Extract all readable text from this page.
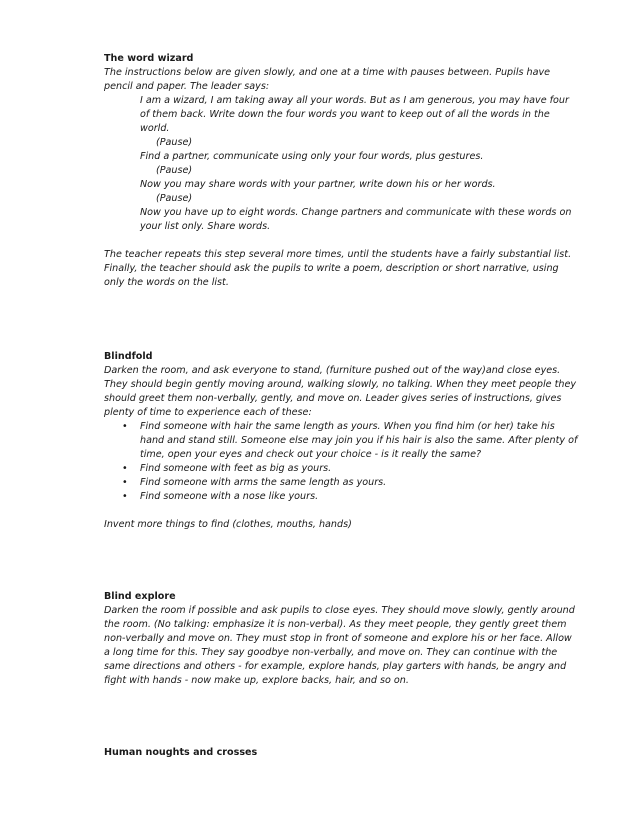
The word wizard

The instructions below are given slowly, and one at a time with pauses between. Pupils have pencil and paper. The leader says:

I am a wizard, I am taking away all your words. But as I am generous, you may have four of them back. Write down the four words you want to keep out of all the words in the world.

(Pause)

Find a partner, communicate using only your four words, plus gestures.

(Pause)

Now you may share words with your partner, write down his or her words.

(Pause)

Now you have up to eight words. Change partners and communicate with these words on your list only. Share words.

The teacher repeats this step several more times, until the students have a fairly substantial list. Finally, the teacher should ask the pupils to write a poem, description or short narrative, using only the words on the list.

Blindfold

Darken the room, and ask everyone to stand, (furniture pushed out of the way)and close eyes. They should begin gently moving around, walking slowly, no talking. When they meet people they should greet them non-verbally, gently, and move on. Leader gives series of instructions, gives plenty of time to experience each of these:

• Find someone with hair the same length as yours. When you find him (or her) take his hand and stand still. Someone else may join you if his hair is also the same. After plenty of time, open your eyes and check out your choice - is it really the same?
• Find someone with feet as big as yours.
• Find someone with arms the same length as yours.
• Find someone with a nose like yours.

Invent more things to find (clothes, mouths, hands)

Blind explore

Darken the room if possible and ask pupils to close eyes. They should move slowly, gently around the room. (No talking: emphasize it is non-verbal). As they meet people, they gently greet them non-verbally and move on. They must stop in front of someone and explore his or her face. Allow a long time for this. They say goodbye non-verbally, and move on. They can continue with the same directions and others - for example, explore hands, play garters with hands, be angry and fight with hands - now make up, explore backs, hair, and so on.

Human noughts and crosses
